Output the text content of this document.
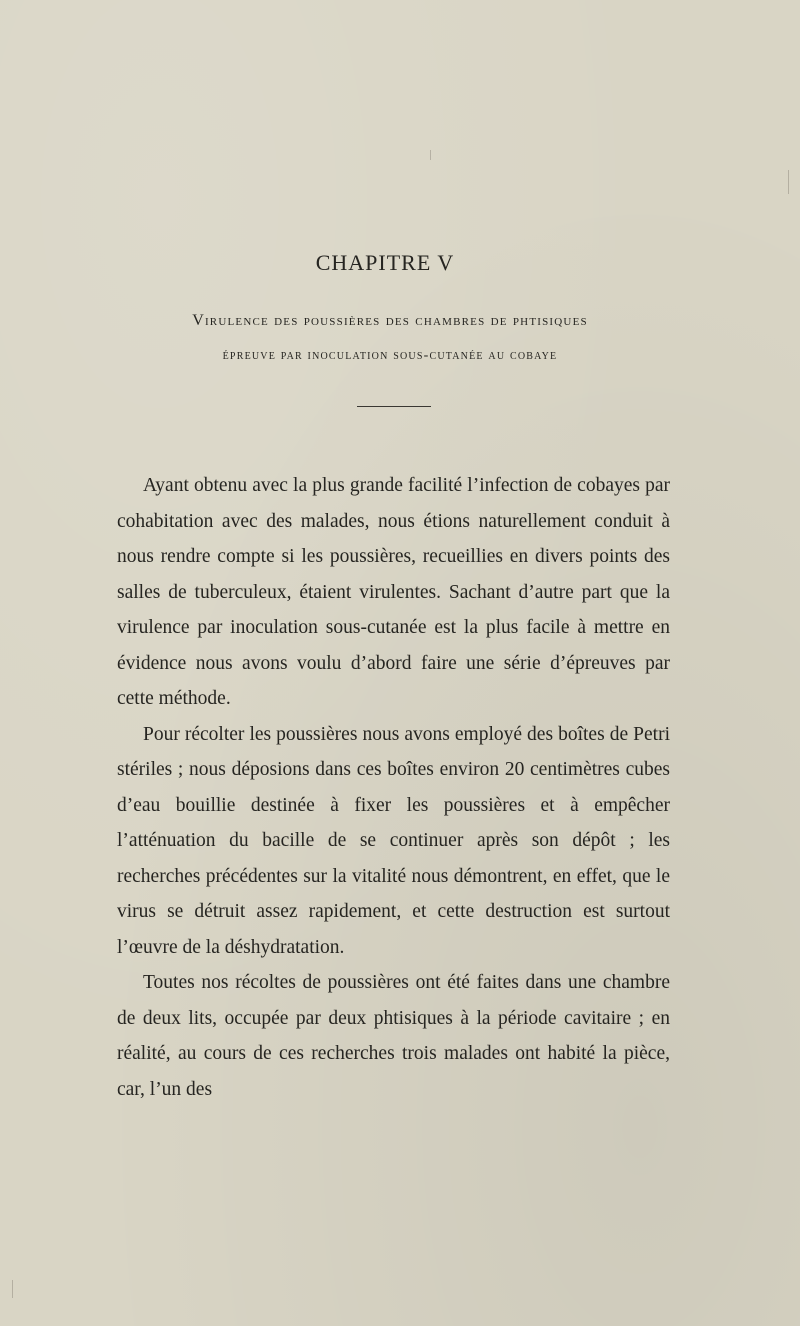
CHAPITRE V

Virulence des poussières des chambres de phtisiques

épreuve par inoculation sous-cutanée au cobaye

Ayant obtenu avec la plus grande facilité l’infection de cobayes par cohabitation avec des malades, nous étions naturellement conduit à nous rendre compte si les poussières, recueillies en divers points des salles de tuberculeux, étaient virulentes. Sachant d’autre part que la virulence par inoculation sous-cutanée est la plus facile à mettre en évidence nous avons voulu d’abord faire une série d’épreuves par cette méthode.

Pour récolter les poussières nous avons employé des boîtes de Petri stériles ; nous déposions dans ces boîtes environ 20 centimètres cubes d’eau bouillie destinée à fixer les poussières et à empêcher l’atténuation du bacille de se continuer après son dépôt ; les recherches précédentes sur la vitalité nous démontrent, en effet, que le virus se détruit assez rapidement, et cette destruction est surtout l’œuvre de la déshydratation.

Toutes nos récoltes de poussières ont été faites dans une chambre de deux lits, occupée par deux phtisiques à la période cavitaire ; en réalité, au cours de ces recherches trois malades ont habité la pièce, car, l’un des
